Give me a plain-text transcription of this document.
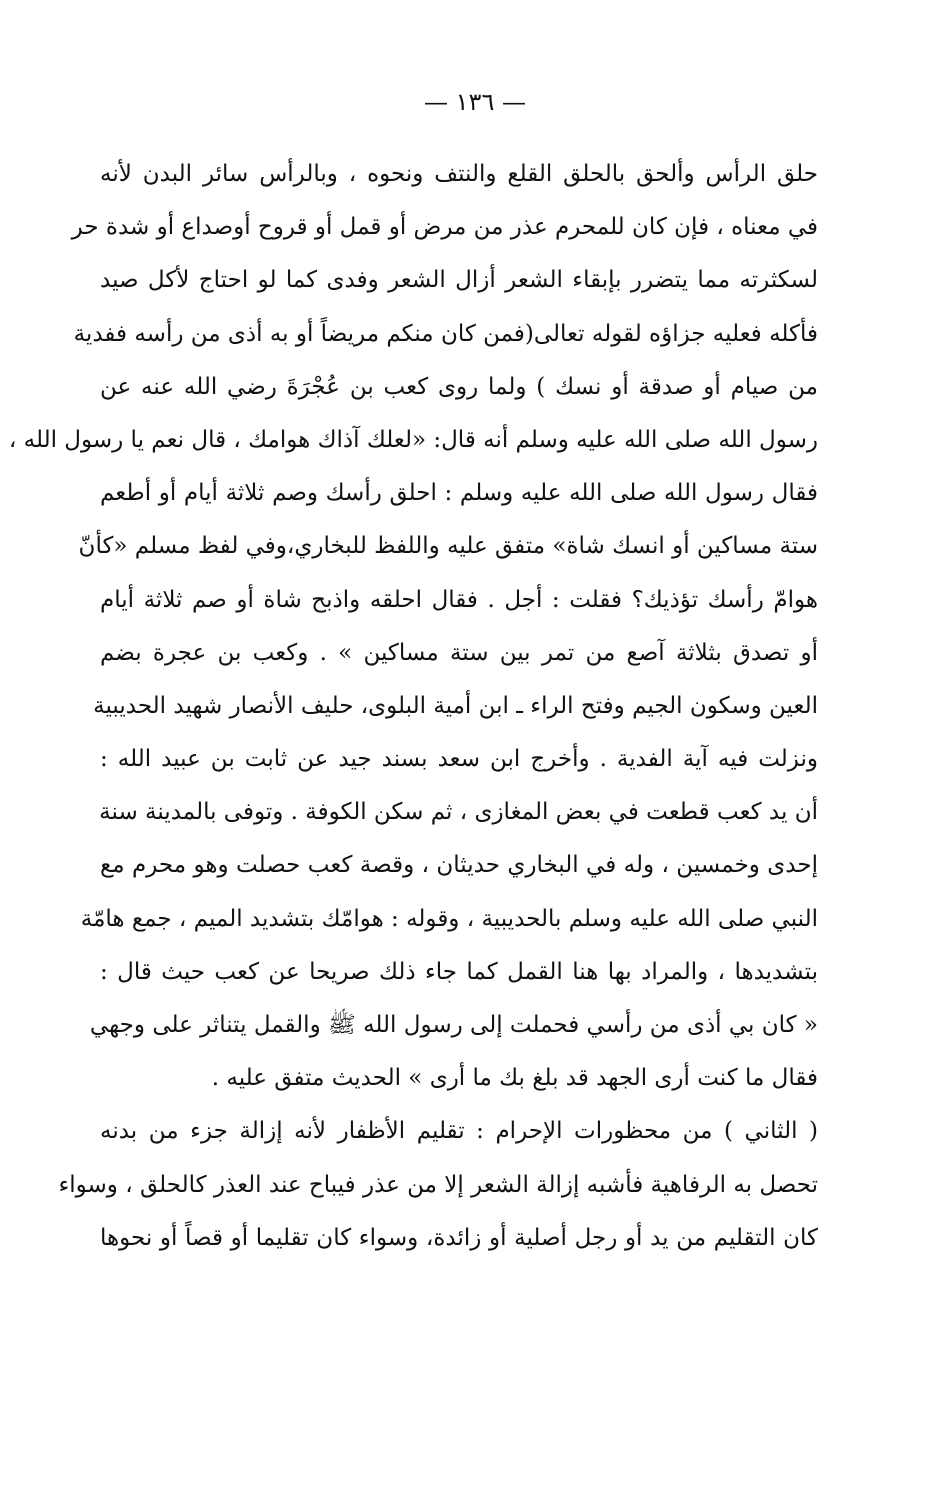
— ١٣٦ —
حلق الرأس وألحق بالحلق القلع والنتف ونحوه ، وبالرأس سائر البدن لأنه
في معناه ، فإن كان للمحرم عذر من مرض أو قمل أو قروح أوصداع أو شدة حر
لسكثرته مما يتضرر بإبقاء الشعر أزال الشعر وفدى كما لو احتاج لأكل صيد
فأكله فعليه جزاؤه لقوله تعالى(فمن كان منكم مريضاً أو به أذى من رأسه ففدية
من صيام أو صدقة أو نسك ) ولما روى كعب بن عُجْرَةَ رضي الله عنه عن
رسول الله صلى الله عليه وسلم أنه قال: «لعلك آذاك هوامك ، قال نعم يا رسول الله ،
فقال رسول الله صلى الله عليه وسلم : احلق رأسك وصم ثلاثة أيام أو أطعم
ستة مساكين أو انسك شاة» متفق عليه واللفظ للبخاري،وفي لفظ مسلم «كأنّ
هوامّ رأسك تؤذيك؟ فقلت : أجل . فقال احلقه واذبح شاة أو صم ثلاثة أيام
أو تصدق بثلاثة آصع من تمر بين ستة مساكين » . وكعب بن عجرة بضم
العين وسكون الجيم وفتح الراء ـ ابن أمية البلوى، حليف الأنصار شهيد الحديبية
ونزلت فيه آية الفدية . وأخرج ابن سعد بسند جيد عن ثابت بن عبيد الله :
أن يد كعب قطعت في بعض المغازى ، ثم سكن الكوفة . وتوفى بالمدينة سنة
إحدى وخمسين ، وله في البخاري حديثان ، وقصة كعب حصلت وهو محرم مع
النبي صلى الله عليه وسلم بالحديبية ، وقوله : هوامّك بتشديد الميم ، جمع هامّة
بتشديدها ، والمراد بها هنا القمل كما جاء ذلك صريحا عن كعب حيث قال :
« كان بي أذى من رأسي فحملت إلى رسول الله ﷺ والقمل يتناثر على وجهي
فقال ما كنت أرى الجهد قد بلغ بك ما أرى » الحديث متفق عليه .
( الثاني ) من محظورات الإحرام : تقليم الأظفار لأنه إزالة جزء من بدنه
تحصل به الرفاهية فأشبه إزالة الشعر إلا من عذر فيباح عند العذر كالحلق ، وسواء
كان التقليم من يد أو رجل أصلية أو زائدة، وسواء كان تقليما أو قصاً أو نحوها
